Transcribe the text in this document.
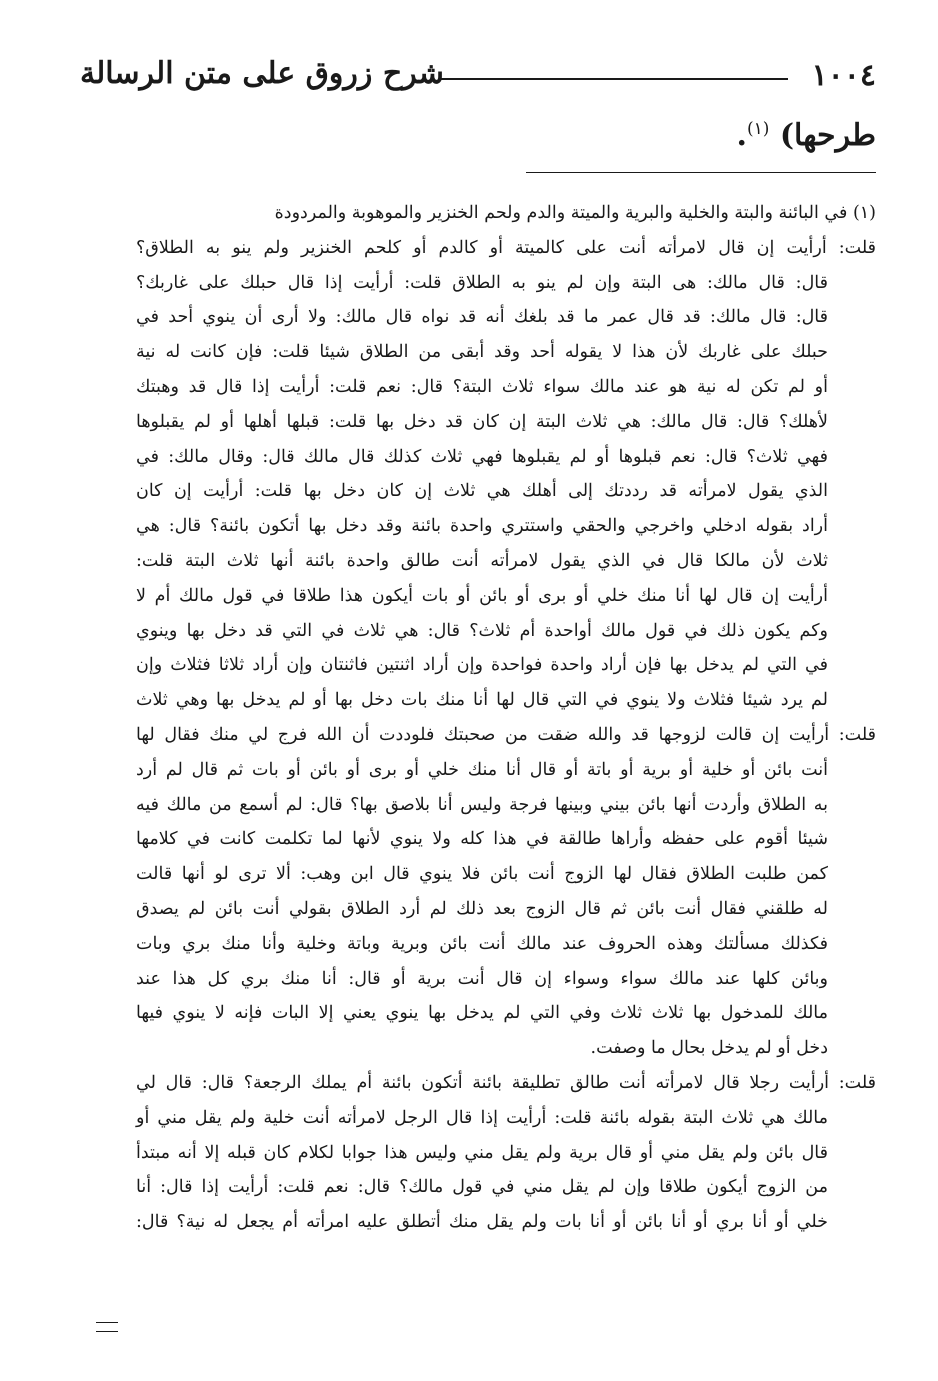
١٠٠٤
شرح زروق على متن الرسالة
طرحها) $^{(١)}$.
(١) في البائنة والبتة والخلية والبرية والميتة والدم ولحم الخنزير والموهوبة والمردودة
قلت: أرأيت إن قال لامرأته أنت على كالميتة أو كالدم أو كلحم الخنزير ولم ينو به الطلاق؟
قال: قال مالك: هى البتة وإن لم ينو به الطلاق قلت: أرأيت إذا قال حبلك على غاربك؟
قال: قال مالك: قد قال عمر ما قد بلغك أنه قد نواه قال مالك: ولا أرى أن ينوي أحد في
حبلك على غاربك لأن هذا لا يقوله أحد وقد أبقى من الطلاق شيئا قلت: فإن كانت له نية
أو لم تكن له نية هو عند مالك سواء ثلاث البتة؟ قال: نعم قلت: أرأيت إذا قال قد وهبتك
لأهلك؟ قال: قال مالك: هي ثلاث البتة إن كان قد دخل بها قلت: قبلها أهلها أو لم يقبلوها
فهي ثلاث؟ قال: نعم قبلوها أو لم يقبلوها فهي ثلاث كذلك قال مالك قال: وقال مالك: في
الذي يقول لامرأته قد رددتك إلى أهلك هي ثلاث إن كان دخل بها قلت: أرأيت إن كان
أراد بقوله ادخلي واخرجي والحقي واستتري واحدة بائنة وقد دخل بها أتكون بائنة؟ قال: هي
ثلاث لأن مالكا قال في الذي يقول لامرأته أنت طالق واحدة بائنة أنها ثلاث البتة قلت:
أرأيت إن قال لها أنا منك خلي أو برى أو بائن أو بات أيكون هذا طلاقا في قول مالك أم لا
وكم يكون ذلك في قول مالك أواحدة أم ثلاث؟ قال: هي ثلاث في التي قد دخل بها وينوي
في التي لم يدخل بها فإن أراد واحدة فواحدة وإن أراد اثنتين فاثنتان وإن أراد ثلاثا فثلاث وإن
لم يرد شيئا فثلاث ولا ينوي في التي قال لها أنا منك بات دخل بها أو لم يدخل بها وهي ثلاث
قلت: أرأيت إن قالت لزوجها قد والله ضقت من صحبتك فلوددت أن الله فرج لي منك فقال لها
أنت بائن أو خلية أو برية أو باتة أو قال أنا منك خلي أو برى أو بائن أو بات ثم قال لم أرد
به الطلاق وأردت أنها بائن بيني وبينها فرجة وليس أنا بلاصق بها؟ قال: لم أسمع من مالك فيه
شيئا أقوم على حفظه وأراها طالقة في هذا كله ولا ينوي لأنها لما تكلمت كانت في كلامها
كمن طلبت الطلاق فقال لها الزوج أنت بائن فلا ينوي قال ابن وهب: ألا ترى لو أنها قالت
له طلقني فقال أنت بائن ثم قال الزوج بعد ذلك لم أرد الطلاق بقولي أنت بائن لم يصدق
فكذلك مسألتك وهذه الحروف عند مالك أنت بائن وبرية وباتة وخلية وأنا منك بري وبات
وبائن كلها عند مالك سواء وسواء إن قال أنت برية أو قال: أنا منك بري كل هذا عند
مالك للمدخول بها ثلاث ثلاث وفي التي لم يدخل بها ينوي يعني إلا البات فإنه لا ينوي فيها
دخل أو لم يدخل بحال ما وصفت.
قلت: أرأيت رجلا قال لامرأته أنت طالق تطليقة بائنة أتكون بائنة أم يملك الرجعة؟ قال: قال لي
مالك هي ثلاث البتة بقوله بائنة قلت: أرأيت إذا قال الرجل لامرأته أنت خلية ولم يقل مني أو
قال بائن ولم يقل مني أو قال برية ولم يقل مني وليس هذا جوابا لكلام كان قبله إلا أنه مبتدأ
من الزوج أيكون طلاقا وإن لم يقل مني في قول مالك؟ قال: نعم قلت: أرأيت إذا قال: أنا
خلي أو أنا بري أو أنا بائن أو أنا بات ولم يقل منك أتطلق عليه امرأته أم يجعل له نية؟ قال:
